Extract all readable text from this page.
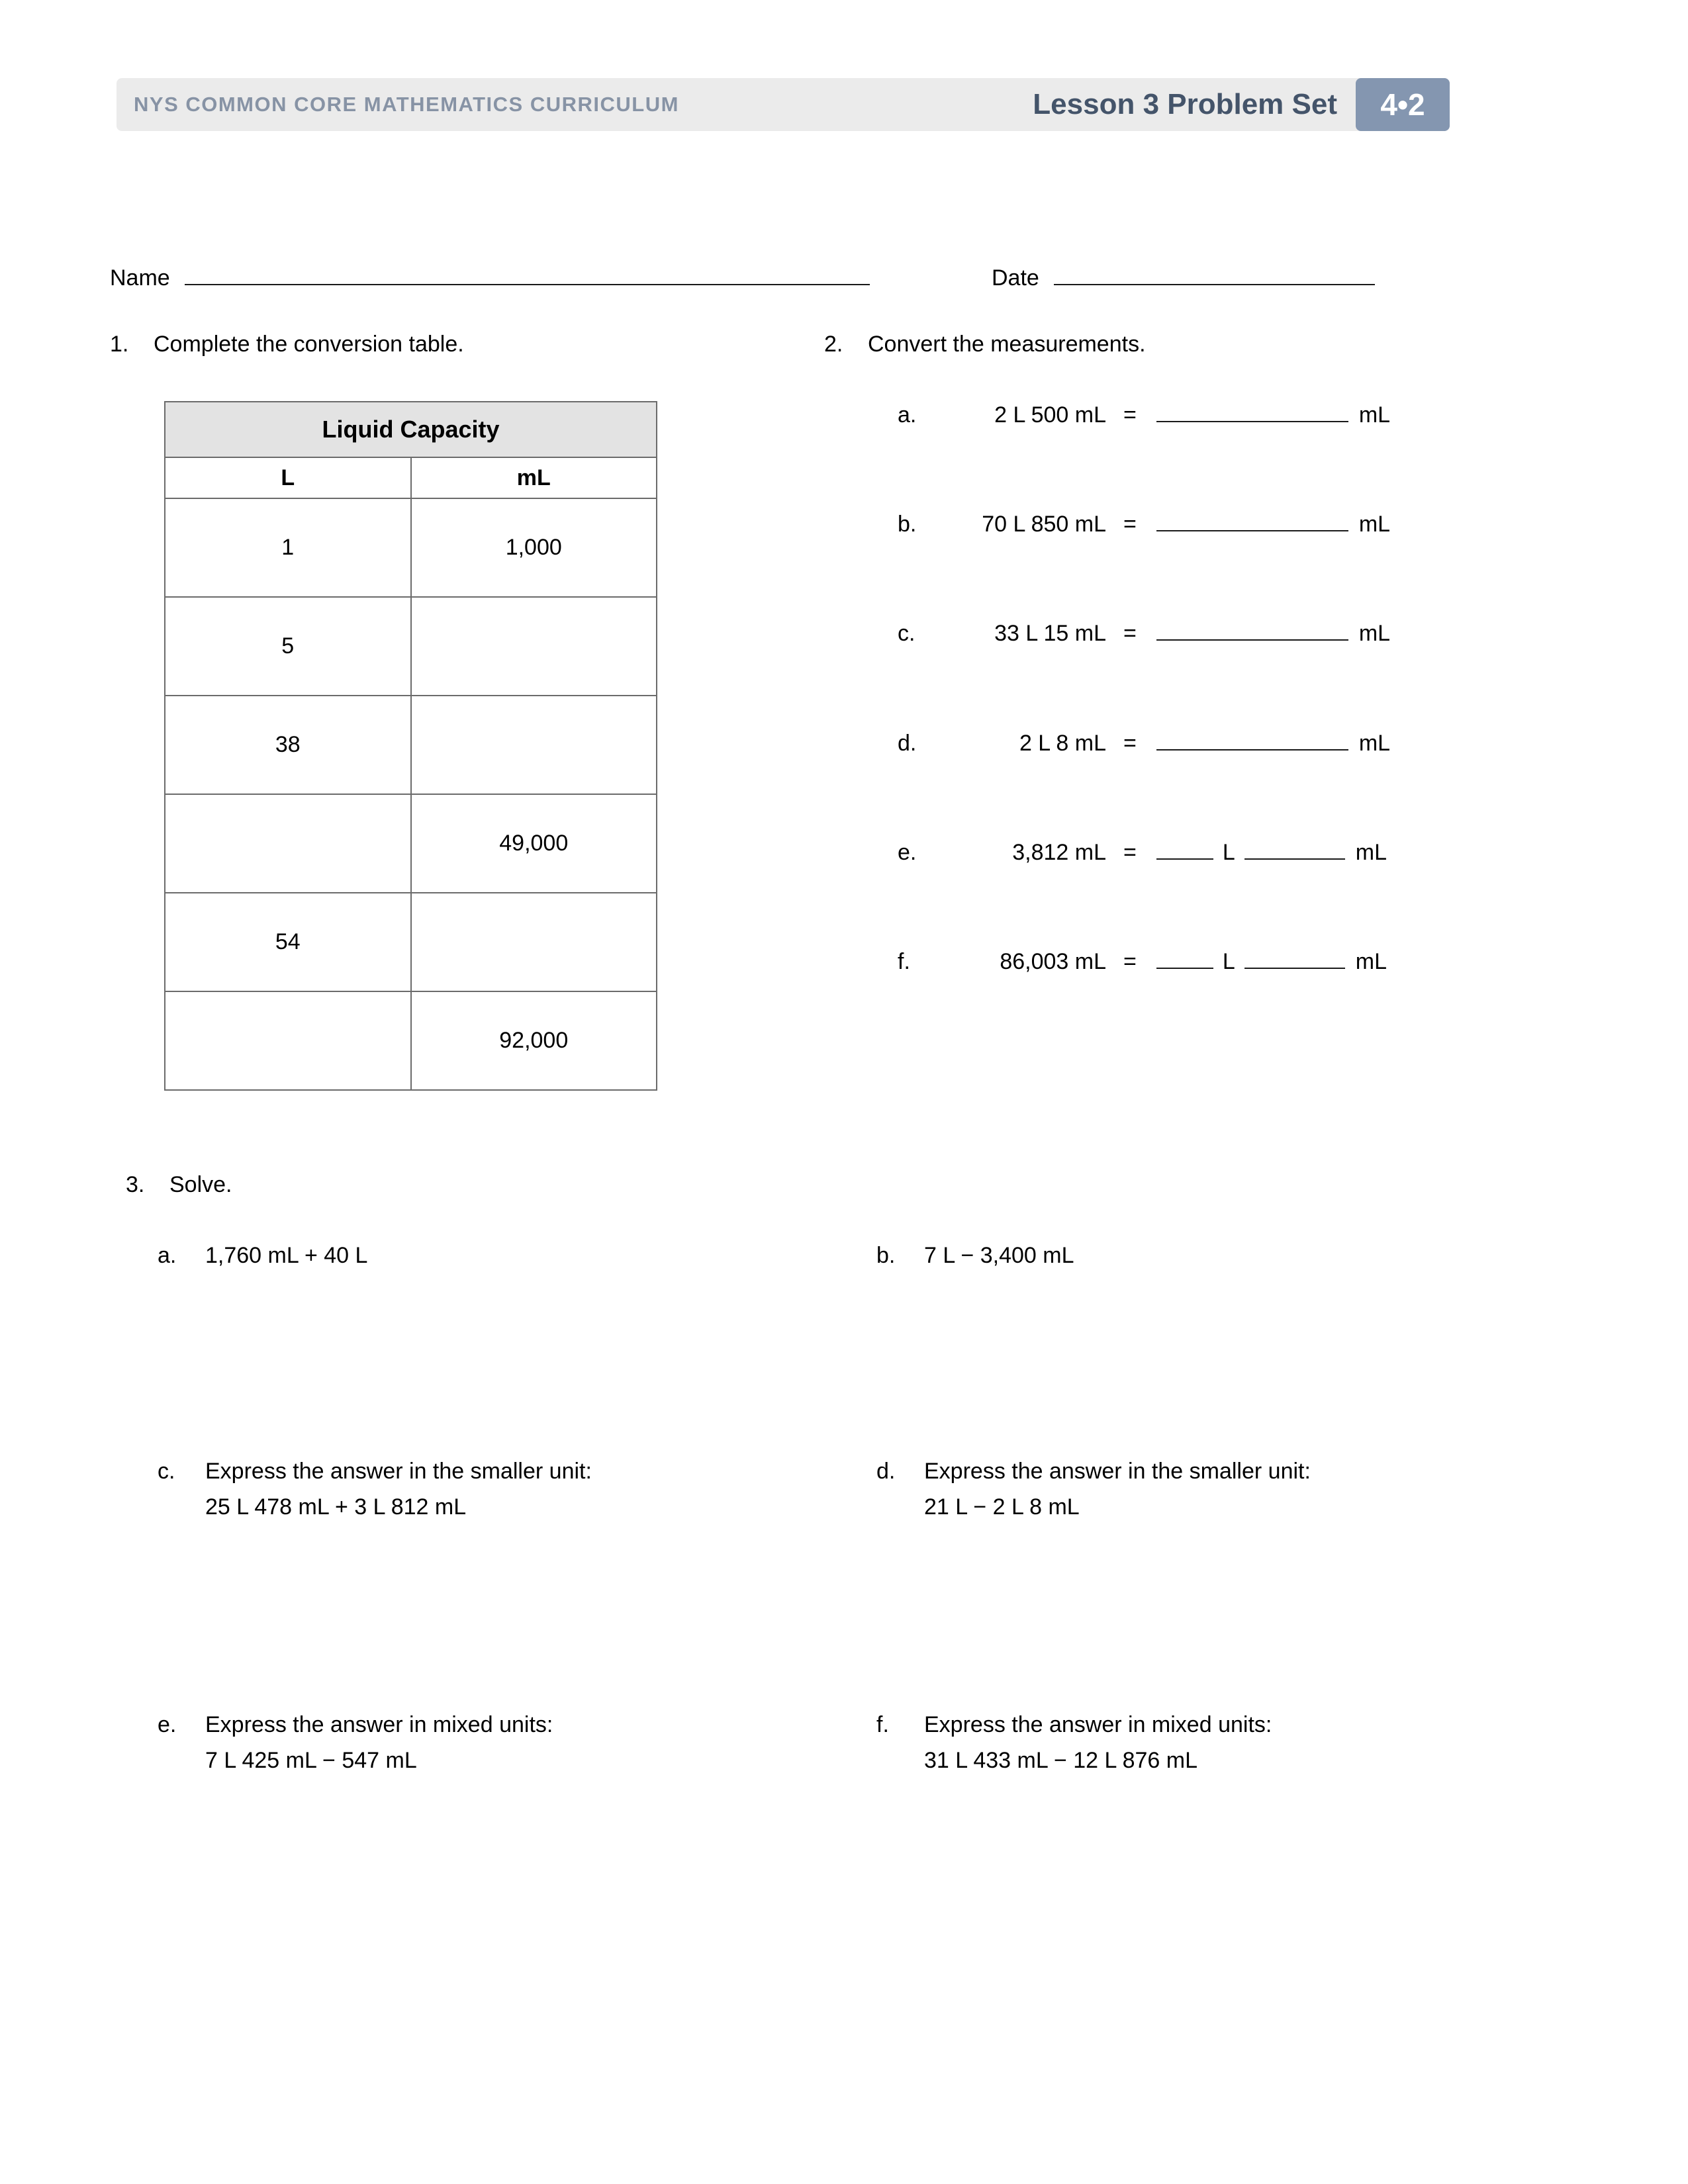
NYS COMMON CORE MATHEMATICS CURRICULUM	Lesson 3 Problem Set	4•2
Name	Date
1.	Complete the conversion table.
Liquid Capacity	
L	mL
1	1,000
5	
38	
	49,000
54	
	92,000
2.	Convert the measurements.
a.	2 L 500 mL =	mL
b.	70 L 850 mL =	mL
c.	33 L 15 mL =	mL
d.	2 L 8 mL =	mL
e.	3,812 mL =	L	mL
f.	86,003 mL =	L	mL
3.	Solve.
a.	1,760 mL + 40 L	b.	7 L − 3,400 mL
c.	Express the answer in the smaller unit:
25 L 478 mL + 3 L 812 mL
d.	Express the answer in the smaller unit:
21 L − 2 L 8 mL
e.	Express the answer in mixed units:
7 L 425 mL − 547 mL
f.	Express the answer in mixed units:
31 L 433 mL − 12 L 876 mL
